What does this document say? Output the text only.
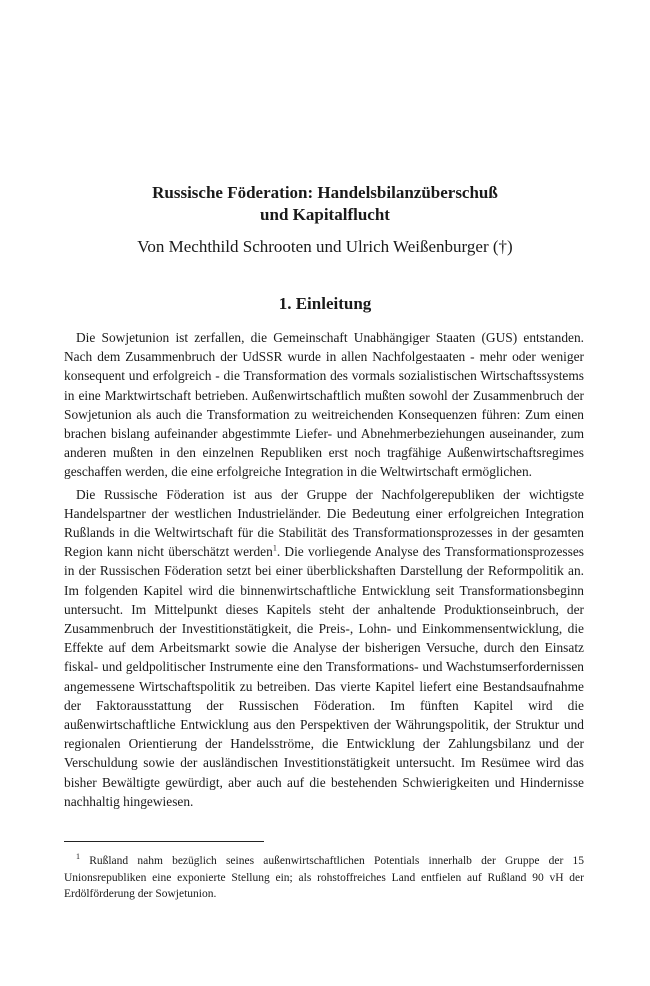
Russische Föderation: Handelsbilanzüberschuß
und Kapitalflucht

Von Mechthild Schrooten und Ulrich Weißenburger (†)

1. Einleitung

Die Sowjetunion ist zerfallen, die Gemeinschaft Unabhängiger Staaten (GUS) entstanden. Nach dem Zusammenbruch der UdSSR wurde in allen Nachfolgestaaten - mehr oder weniger konsequent und erfolgreich - die Transformation des vormals sozialistischen Wirtschaftssystems in eine Marktwirtschaft betrieben. Außenwirtschaftlich mußten sowohl der Zusammenbruch der Sowjetunion als auch die Transformation zu weitreichenden Konsequenzen führen: Zum einen brachen bislang aufeinander abgestimmte Liefer- und Abnehmerbeziehungen auseinander, zum anderen mußten in den einzelnen Republiken erst noch tragfähige Außenwirtschaftsregimes geschaffen werden, die eine erfolgreiche Integration in die Weltwirtschaft ermöglichen.

Die Russische Föderation ist aus der Gruppe der Nachfolgerepubliken der wichtigste Handelspartner der westlichen Industrieländer. Die Bedeutung einer erfolgreichen Integration Rußlands in die Weltwirtschaft für die Stabilität des Transformationsprozesses in der gesamten Region kann nicht überschätzt werden$^1$. Die vorliegende Analyse des Transformationsprozesses in der Russischen Föderation setzt bei einer überblickshaften Darstellung der Reformpolitik an. Im folgenden Kapitel wird die binnenwirtschaftliche Entwicklung seit Transformationsbeginn untersucht. Im Mittelpunkt dieses Kapitels steht der anhaltende Produktionseinbruch, der Zusammenbruch der Investitionstätigkeit, die Preis-, Lohn- und Einkommensentwicklung, die Effekte auf dem Arbeitsmarkt sowie die Analyse der bisherigen Versuche, durch den Einsatz fiskal- und geldpolitischer Instrumente eine den Transformations- und Wachstumserfordernissen angemessene Wirtschaftspolitik zu betreiben. Das vierte Kapitel liefert eine Bestandsaufnahme der Faktorausstattung der Russischen Föderation. Im fünften Kapitel wird die außenwirtschaftliche Entwicklung aus den Perspektiven der Währungspolitik, der Struktur und regionalen Orientierung der Handelsströme, die Entwicklung der Zahlungsbilanz und der Verschuldung sowie der ausländischen Investitionstätigkeit untersucht. Im Resümee wird das bisher Bewältigte gewürdigt, aber auch auf die bestehenden Schwierigkeiten und Hindernisse nachhaltig hingewiesen.

$^1$ Rußland nahm bezüglich seines außenwirtschaftlichen Potentials innerhalb der Gruppe der 15 Unionsrepubliken eine exponierte Stellung ein; als rohstoffreiches Land entfielen auf Rußland 90 vH der Erdölförderung der Sowjetunion.
